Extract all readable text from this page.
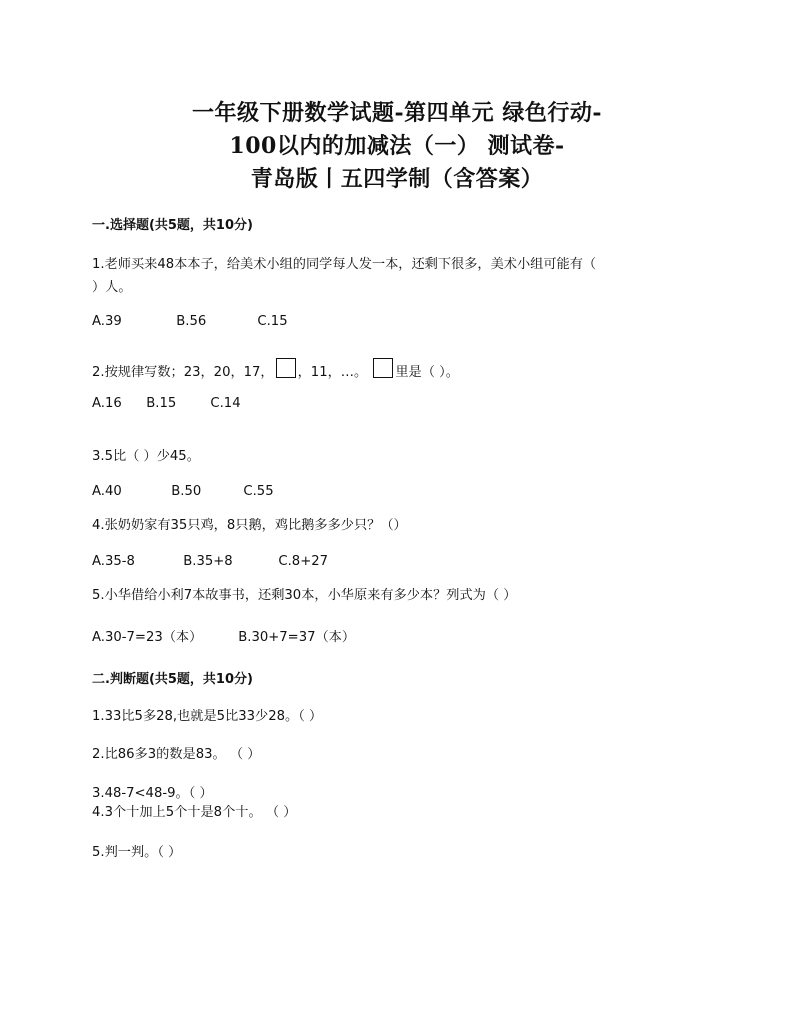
一年级下册数学试题-第四单元 绿色行动-
100以内的加减法（一） 测试卷-
青岛版丨五四学制（含答案）
一.选择题(共5题，共10分)
1.老师买来48本本子，给美术小组的同学每人发一本，还剩下很多，美术小组可能有（
）人。
A.39	B.56	C.15
2.按规律写数；23，20，17， ，11，…。 里是（ ）。
A.16 B.15	C.14
3.5比（ ）少45。
A.40	B.50	C.55
4.张奶奶家有35只鸡，8只鹅，鸡比鹅多多少只？（）
A.35-8	B.35+8	C.8+27
5.小华借给小利7本故事书，还剩30本，小华原来有多少本？列式为（ ）
A.30-7=23（本）	B.30+7=37（本）
二.判断题(共5题，共10分)
1.33比5多28,也就是5比33少28。（ ）
2.比86多3的数是83。 （ ）
3.48-7<48-9。（ ）
4.3个十加上5个十是8个十。 （ ）
5.判一判。（ ）
